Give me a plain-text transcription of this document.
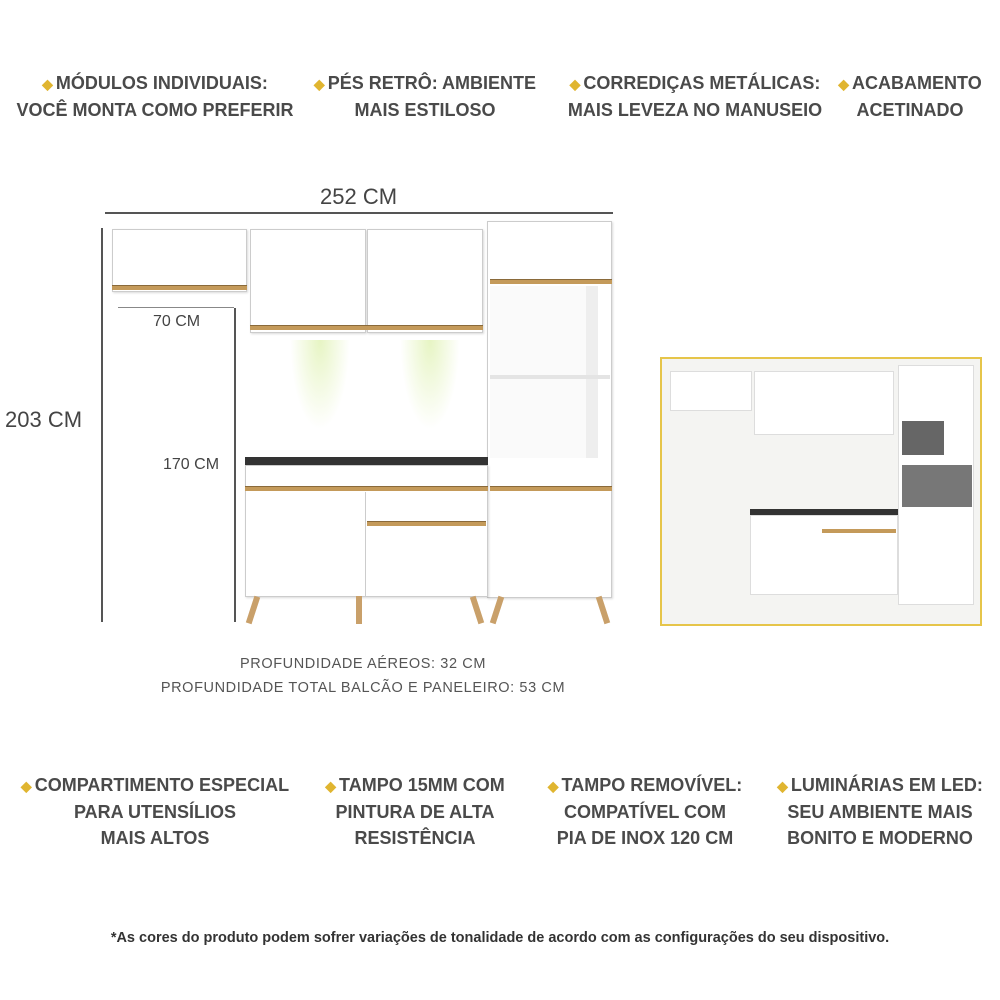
◆ MÓDULOS INDIVIDUAIS:
VOCÊ MONTA COMO PREFERIR
◆ PÉS RETRÔ: AMBIENTE
MAIS ESTILOSO
◆ CORREDIÇAS METÁLICAS:
MAIS LEVEZA NO MANUSEIO
◆ ACABAMENTO
ACETINADO
252 CM
203 CM
70 CM
170 CM
PROFUNDIDADE AÉREOS: 32 CM
PROFUNDIDADE TOTAL BALCÃO E PANELEIRO: 53 CM
◆ COMPARTIMENTO ESPECIAL
PARA UTENSÍLIOS
MAIS ALTOS
◆ TAMPO 15MM COM
PINTURA DE ALTA
RESISTÊNCIA
◆ TAMPO REMOVÍVEL:
COMPATÍVEL COM
PIA DE INOX 120 CM
◆ LUMINÁRIAS EM LED:
SEU AMBIENTE MAIS
BONITO E MODERNO
*As cores do produto podem sofrer variações de tonalidade de acordo com as configurações do seu dispositivo.
